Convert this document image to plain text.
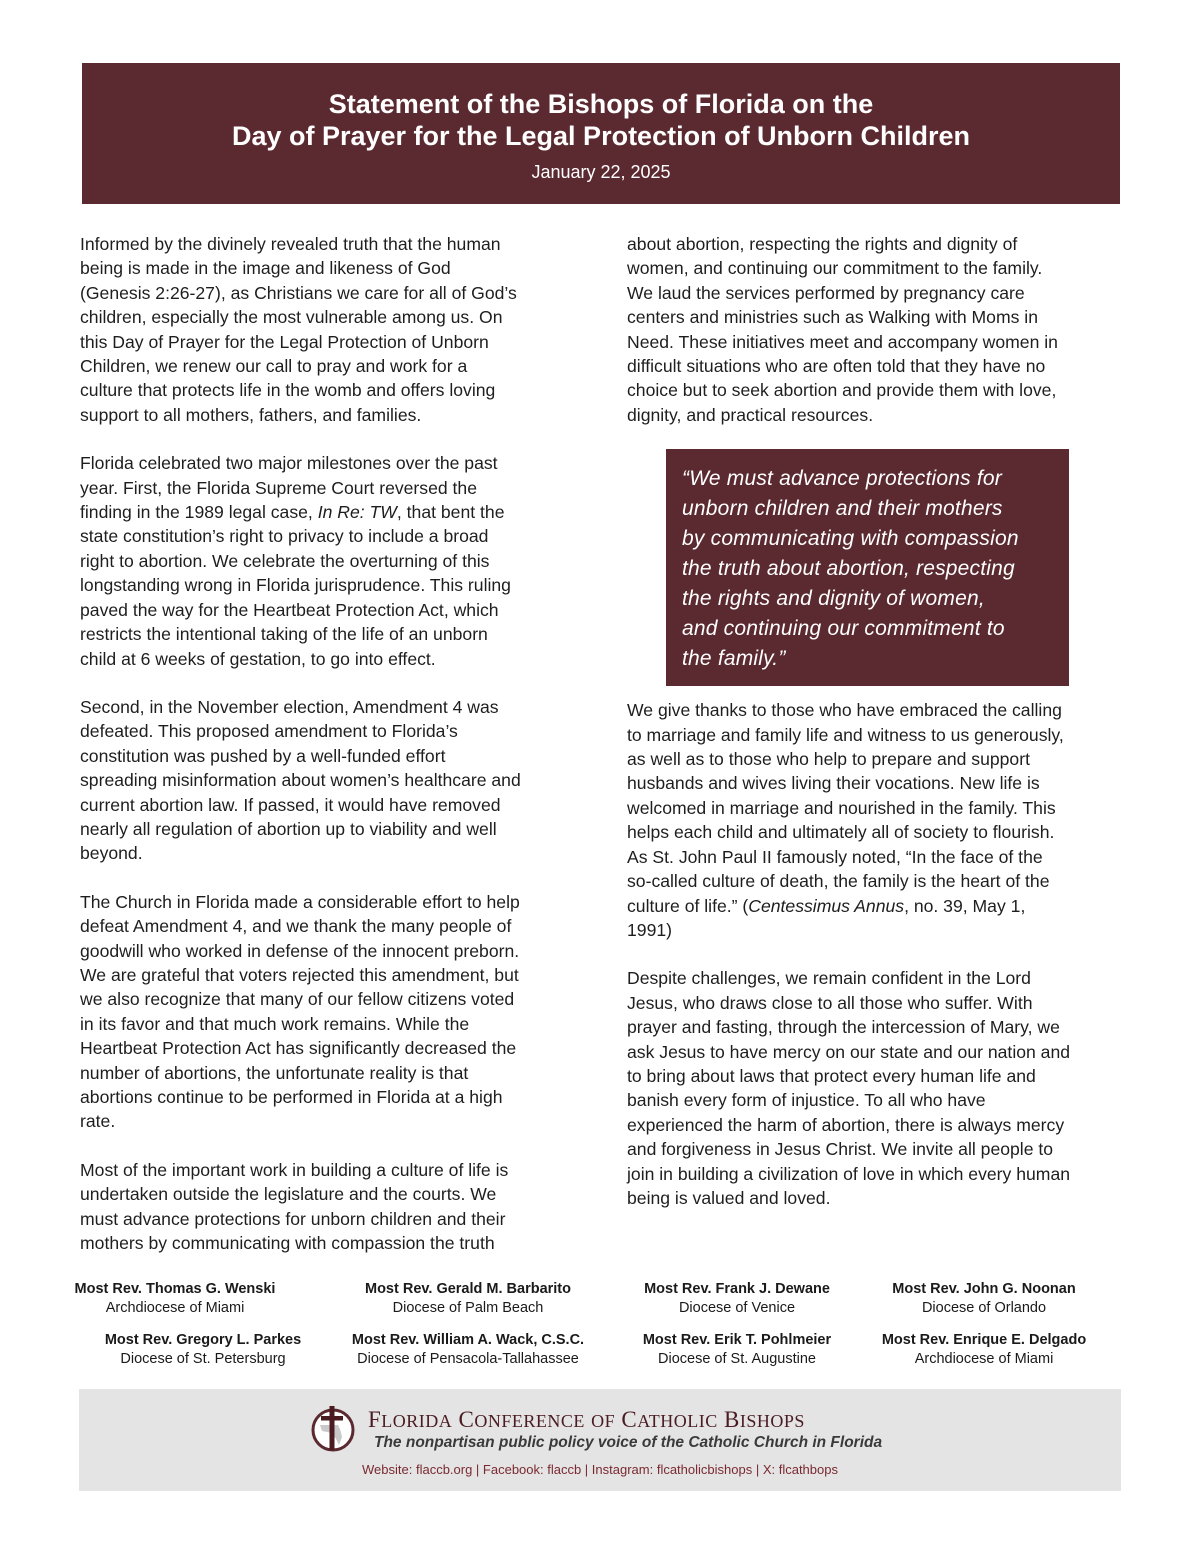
Statement of the Bishops of Florida on the
Day of Prayer for the Legal Protection of Unborn Children
January 22, 2025

Informed by the divinely revealed truth that the human
being is made in the image and likeness of God
(Genesis 2:26-27), as Christians we care for all of God’s
children, especially the most vulnerable among us. On
this Day of Prayer for the Legal Protection of Unborn
Children, we renew our call to pray and work for a
culture that protects life in the womb and offers loving
support to all mothers, fathers, and families.

Florida celebrated two major milestones over the past
year. First, the Florida Supreme Court reversed the
finding in the 1989 legal case, In Re: TW, that bent the
state constitution’s right to privacy to include a broad
right to abortion. We celebrate the overturning of this
longstanding wrong in Florida jurisprudence. This ruling
paved the way for the Heartbeat Protection Act, which
restricts the intentional taking of the life of an unborn
child at 6 weeks of gestation, to go into effect.

Second, in the November election, Amendment 4 was
defeated. This proposed amendment to Florida’s
constitution was pushed by a well-funded effort
spreading misinformation about women’s healthcare and
current abortion law. If passed, it would have removed
nearly all regulation of abortion up to viability and well
beyond.

The Church in Florida made a considerable effort to help
defeat Amendment 4, and we thank the many people of
goodwill who worked in defense of the innocent preborn.
We are grateful that voters rejected this amendment, but
we also recognize that many of our fellow citizens voted
in its favor and that much work remains. While the
Heartbeat Protection Act has significantly decreased the
number of abortions, the unfortunate reality is that
abortions continue to be performed in Florida at a high
rate.

Most of the important work in building a culture of life is
undertaken outside the legislature and the courts. We
must advance protections for unborn children and their
mothers by communicating with compassion the truth

about abortion, respecting the rights and dignity of
women, and continuing our commitment to the family.
We laud the services performed by pregnancy care
centers and ministries such as Walking with Moms in
Need. These initiatives meet and accompany women in
difficult situations who are often told that they have no
choice but to seek abortion and provide them with love,
dignity, and practical resources.

We give thanks to those who have embraced the calling
to marriage and family life and witness to us generously,
as well as to those who help to prepare and support
husbands and wives living their vocations. New life is
welcomed in marriage and nourished in the family. This
helps each child and ultimately all of society to flourish.
As St. John Paul II famously noted, “In the face of the
so-called culture of death, the family is the heart of the
culture of life.” (Centessimus Annus, no. 39, May 1,
1991)

Despite challenges, we remain confident in the Lord
Jesus, who draws close to all those who suffer. With
prayer and fasting, through the intercession of Mary, we
ask Jesus to have mercy on our state and our nation and
to bring about laws that protect every human life and
banish every form of injustice. To all who have
experienced the harm of abortion, there is always mercy
and forgiveness in Jesus Christ. We invite all people to
join in building a civilization of love in which every human
being is valued and loved.

“We must advance protections for
unborn children and their mothers
by communicating with compassion
the truth about abortion, respecting
the rights and dignity of women,
and continuing our commitment to
the family.”
Most Rev. Thomas G. Wenski
Archdiocese of Miami
Most Rev. Gerald M. Barbarito
Diocese of Palm Beach
Most Rev. Frank J. Dewane
Diocese of Venice
Most Rev. John G. Noonan
Diocese of Orlando
Most Rev. Gregory L. Parkes
Diocese of St. Petersburg
Most Rev. William A. Wack, C.S.C.
Diocese of Pensacola-Tallahassee
Most Rev. Erik T. Pohlmeier
Diocese of St. Augustine
Most Rev. Enrique E. Delgado
Archdiocese of Miami
FLORIDA CONFERENCE OF CATHOLIC BISHOPS
The nonpartisan public policy voice of the Catholic Church in Florida
Website: flaccb.org | Facebook: flaccb | Instagram: flcatholicbishops | X: flcathbops
